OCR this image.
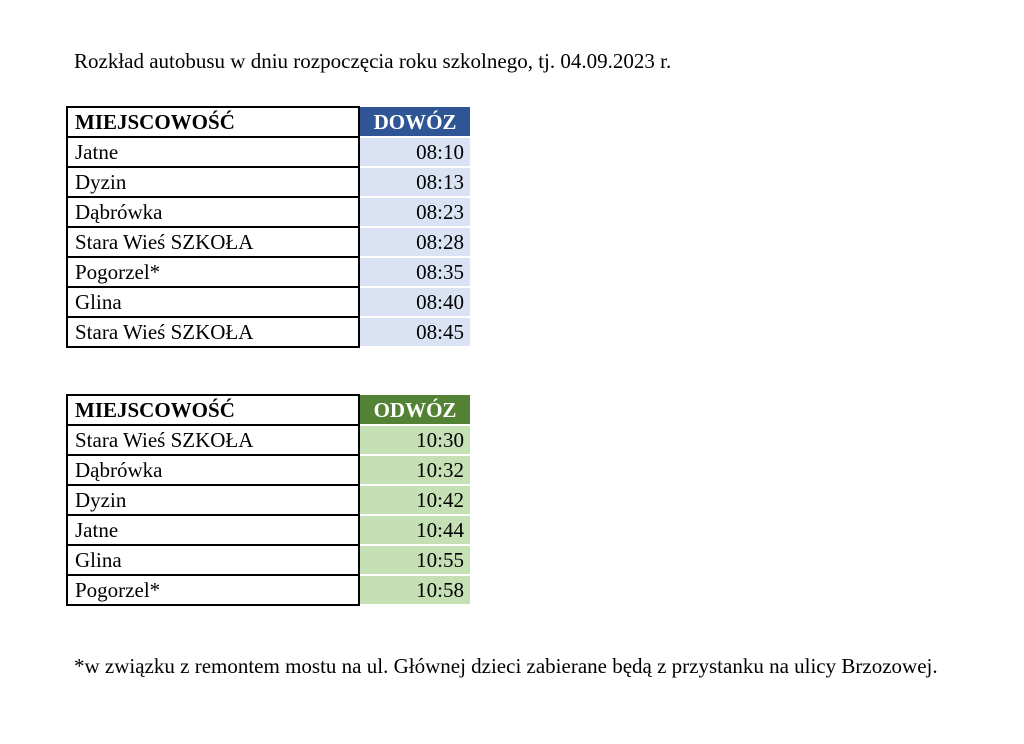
Rozkład autobusu w dniu rozpoczęcia roku szkolnego, tj. 04.09.2023 r.
MIEJSCOWOŚĆ	DOWÓZ
Jatne	08:10
Dyzin	08:13
Dąbrówka	08:23
Stara Wieś SZKOŁA	08:28
Pogorzel*	08:35
Glina	08:40
Stara Wieś SZKOŁA	08:45
MIEJSCOWOŚĆ	ODWÓZ
Stara Wieś SZKOŁA	10:30
Dąbrówka	10:32
Dyzin	10:42
Jatne	10:44
Glina	10:55
Pogorzel*	10:58
*w związku z remontem mostu na ul. Głównej dzieci zabierane będą z przystanku na ulicy Brzozowej.
